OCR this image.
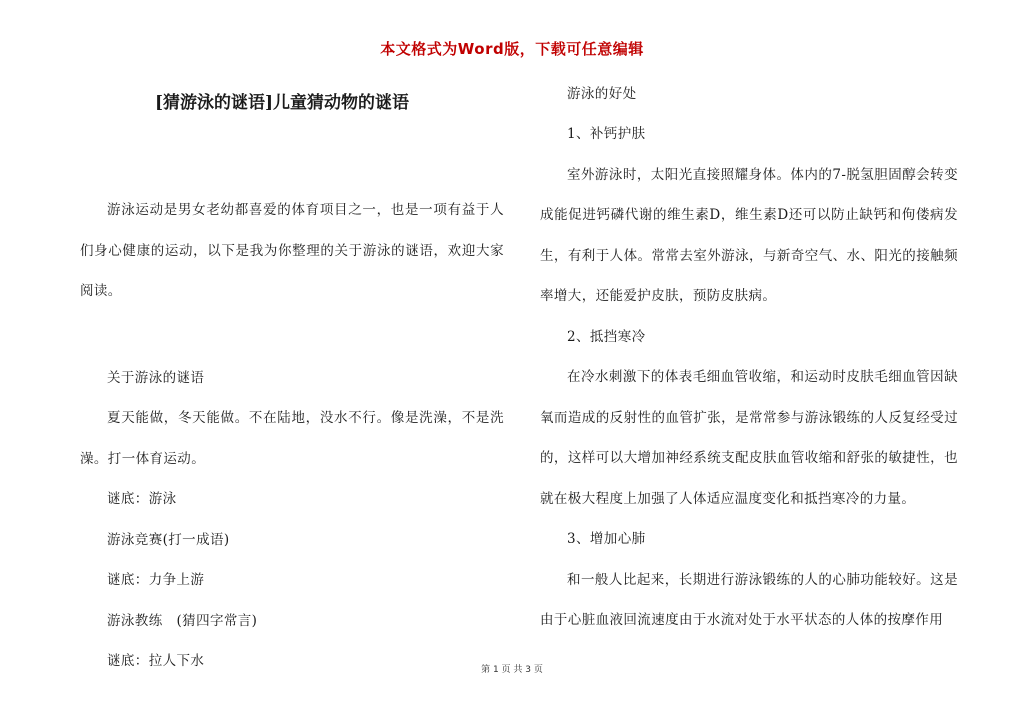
本文格式为Word版，下载可任意编辑
[猜游泳的谜语]儿童猜动物的谜语

游泳运动是男女老幼都喜爱的体育项目之一，也是一项有益于人们身心健康的运动，以下是我为你整理的关于游泳的谜语，欢迎大家阅读。

关于游泳的谜语

夏天能做，冬天能做。不在陆地，没水不行。像是洗澡，不是洗澡。打一体育运动。

谜底：游泳

游泳竞赛(打一成语)

谜底：力争上游

游泳教练　(猜四字常言)

谜底：拉人下水

游泳的好处

1、补钙护肤

室外游泳时，太阳光直接照耀身体。体内的7-脱氢胆固醇会转变成能促进钙磷代谢的维生素D，维生素D还可以防止缺钙和佝偻病发生，有利于人体。常常去室外游泳，与新奇空气、水、阳光的接触频率增大，还能爱护皮肤，预防皮肤病。

2、抵挡寒冷

在冷水刺激下的体表毛细血管收缩，和运动时皮肤毛细血管因缺氧而造成的反射性的血管扩张，是常常参与游泳锻练的人反复经受过的，这样可以大增加神经系统支配皮肤血管收缩和舒张的敏捷性，也就在极大程度上加强了人体适应温度变化和抵挡寒冷的力量。

3、增加心肺

和一般人比起来，长期进行游泳锻练的人的心肺功能较好。这是由于心脏血液回流速度由于水流对处于水平状态的人体的按摩作用

第 1 页 共 3 页
